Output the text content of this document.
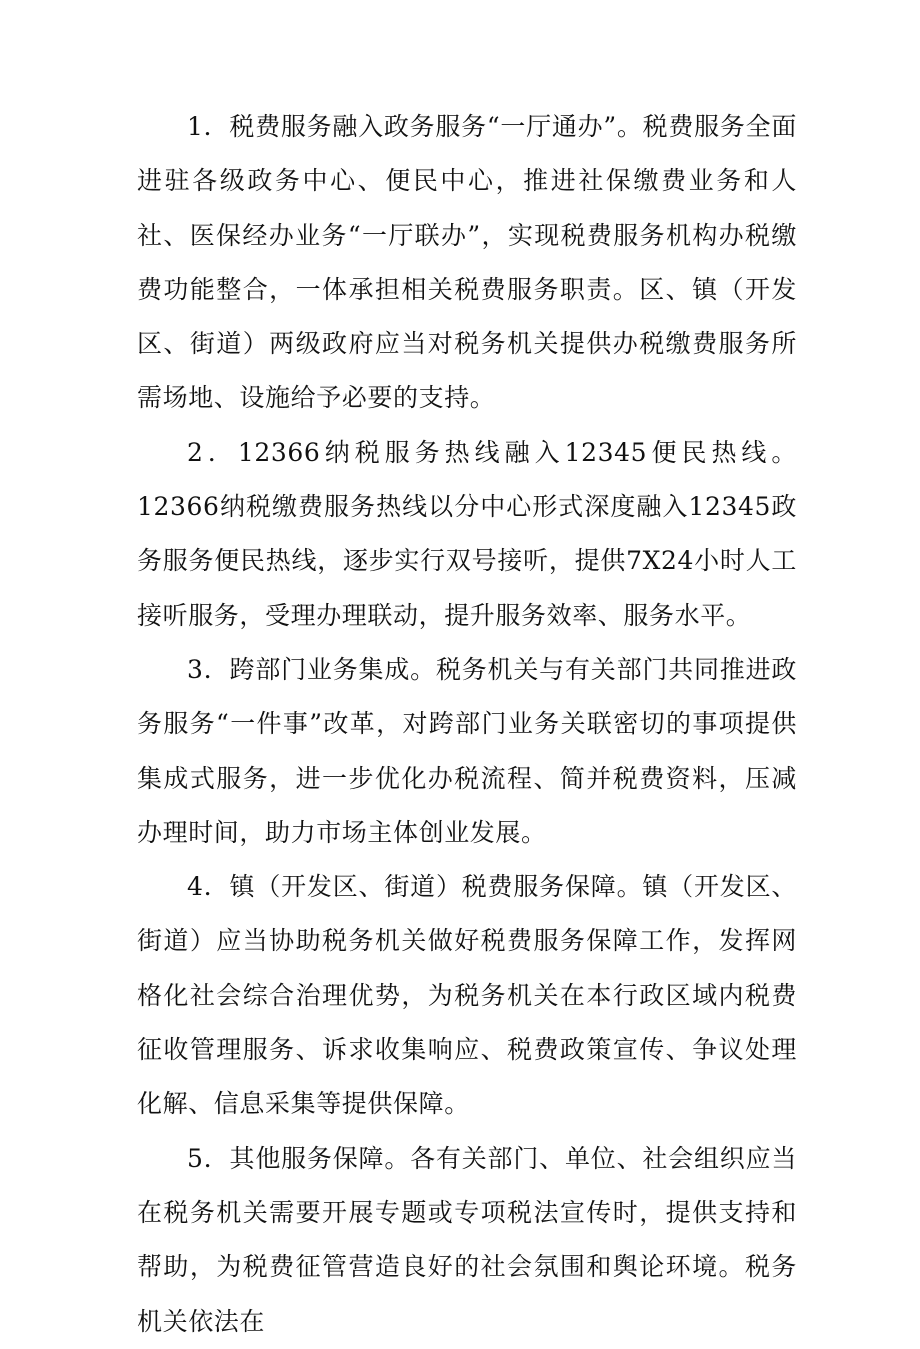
1．税费服务融入政务服务“一厅通办”。税费服务全面进驻各级政务中心、便民中心，推进社保缴费业务和人社、医保经办业务“一厅联办”，实现税费服务机构办税缴费功能整合，一体承担相关税费服务职责。区、镇（开发区、街道）两级政府应当对税务机关提供办税缴费服务所需场地、设施给予必要的支持。

2．12366纳税服务热线融入12345便民热线。12366纳税缴费服务热线以分中心形式深度融入12345政务服务便民热线，逐步实行双号接听，提供7X24小时人工接听服务，受理办理联动，提升服务效率、服务水平。

3．跨部门业务集成。税务机关与有关部门共同推进政务服务“一件事”改革，对跨部门业务关联密切的事项提供集成式服务，进一步优化办税流程、简并税费资料，压减办理时间，助力市场主体创业发展。

4．镇（开发区、街道）税费服务保障。镇（开发区、街道）应当协助税务机关做好税费服务保障工作，发挥网格化社会综合治理优势，为税务机关在本行政区域内税费征收管理服务、诉求收集响应、税费政策宣传、争议处理化解、信息采集等提供保障。

5．其他服务保障。各有关部门、单位、社会组织应当在税务机关需要开展专题或专项税法宣传时，提供支持和帮助，为税费征管营造良好的社会氛围和舆论环境。税务机关依法在
